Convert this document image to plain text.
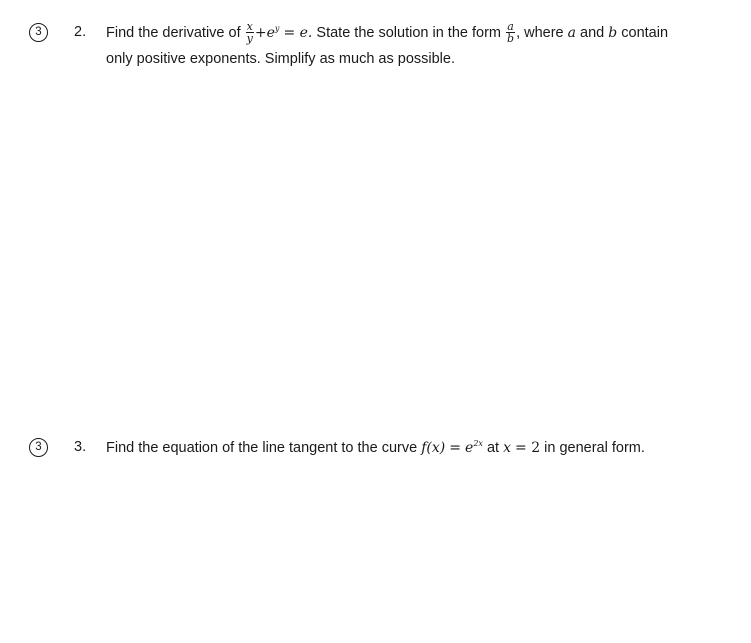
3	2. Find the derivative of $\frac{x}{y} +e^y = e$. State the solution in the form $\frac{a}{b}$ , where a and b contain
only positive exponents. Simplify as much as possible.
3	3. Find the equation of the line tangent to the curve $f(x) = e^{2x}$ at x = 2 in general form.
